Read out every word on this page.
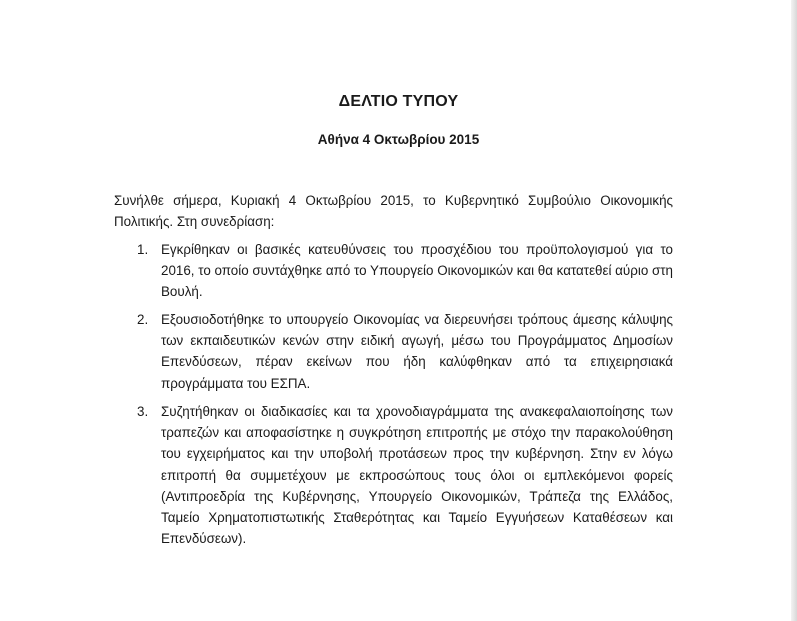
ΔΕΛΤΙΟ ΤΥΠΟΥ
Αθήνα 4 Οκτωβρίου 2015

Συνήλθε σήμερα, Κυριακή 4 Οκτωβρίου 2015, το Κυβερνητικό Συμβούλιο Οικονομικής Πολιτικής. Στη συνεδρίαση:

1. Εγκρίθηκαν οι βασικές κατευθύνσεις του προσχέδιου του προϋπολογισμού για το 2016, το οποίο συντάχθηκε από το Υπουργείο Οικονομικών και θα κατατεθεί αύριο στη Βουλή.
2. Εξουσιοδοτήθηκε το υπουργείο Οικονομίας να διερευνήσει τρόπους άμεσης κάλυψης των εκπαιδευτικών κενών στην ειδική αγωγή, μέσω του Προγράμματος Δημοσίων Επενδύσεων, πέραν εκείνων που ήδη καλύφθηκαν από τα επιχειρησιακά προγράμματα του ΕΣΠΑ.
3. Συζητήθηκαν οι διαδικασίες και τα χρονοδιαγράμματα της ανακεφαλαιοποίησης των τραπεζών και αποφασίστηκε η συγκρότηση επιτροπής με στόχο την παρακολούθηση του εγχειρήματος και την υποβολή προτάσεων προς την κυβέρνηση. Στην εν λόγω επιτροπή θα συμμετέχουν με εκπροσώπους τους όλοι οι εμπλεκόμενοι φορείς (Αντιπροεδρία της Κυβέρνησης, Υπουργείο Οικονομικών, Τράπεζα της Ελλάδος, Ταμείο Χρηματοπιστωτικής Σταθερότητας και Ταμείο Εγγυήσεων Καταθέσεων και Επενδύσεων).
